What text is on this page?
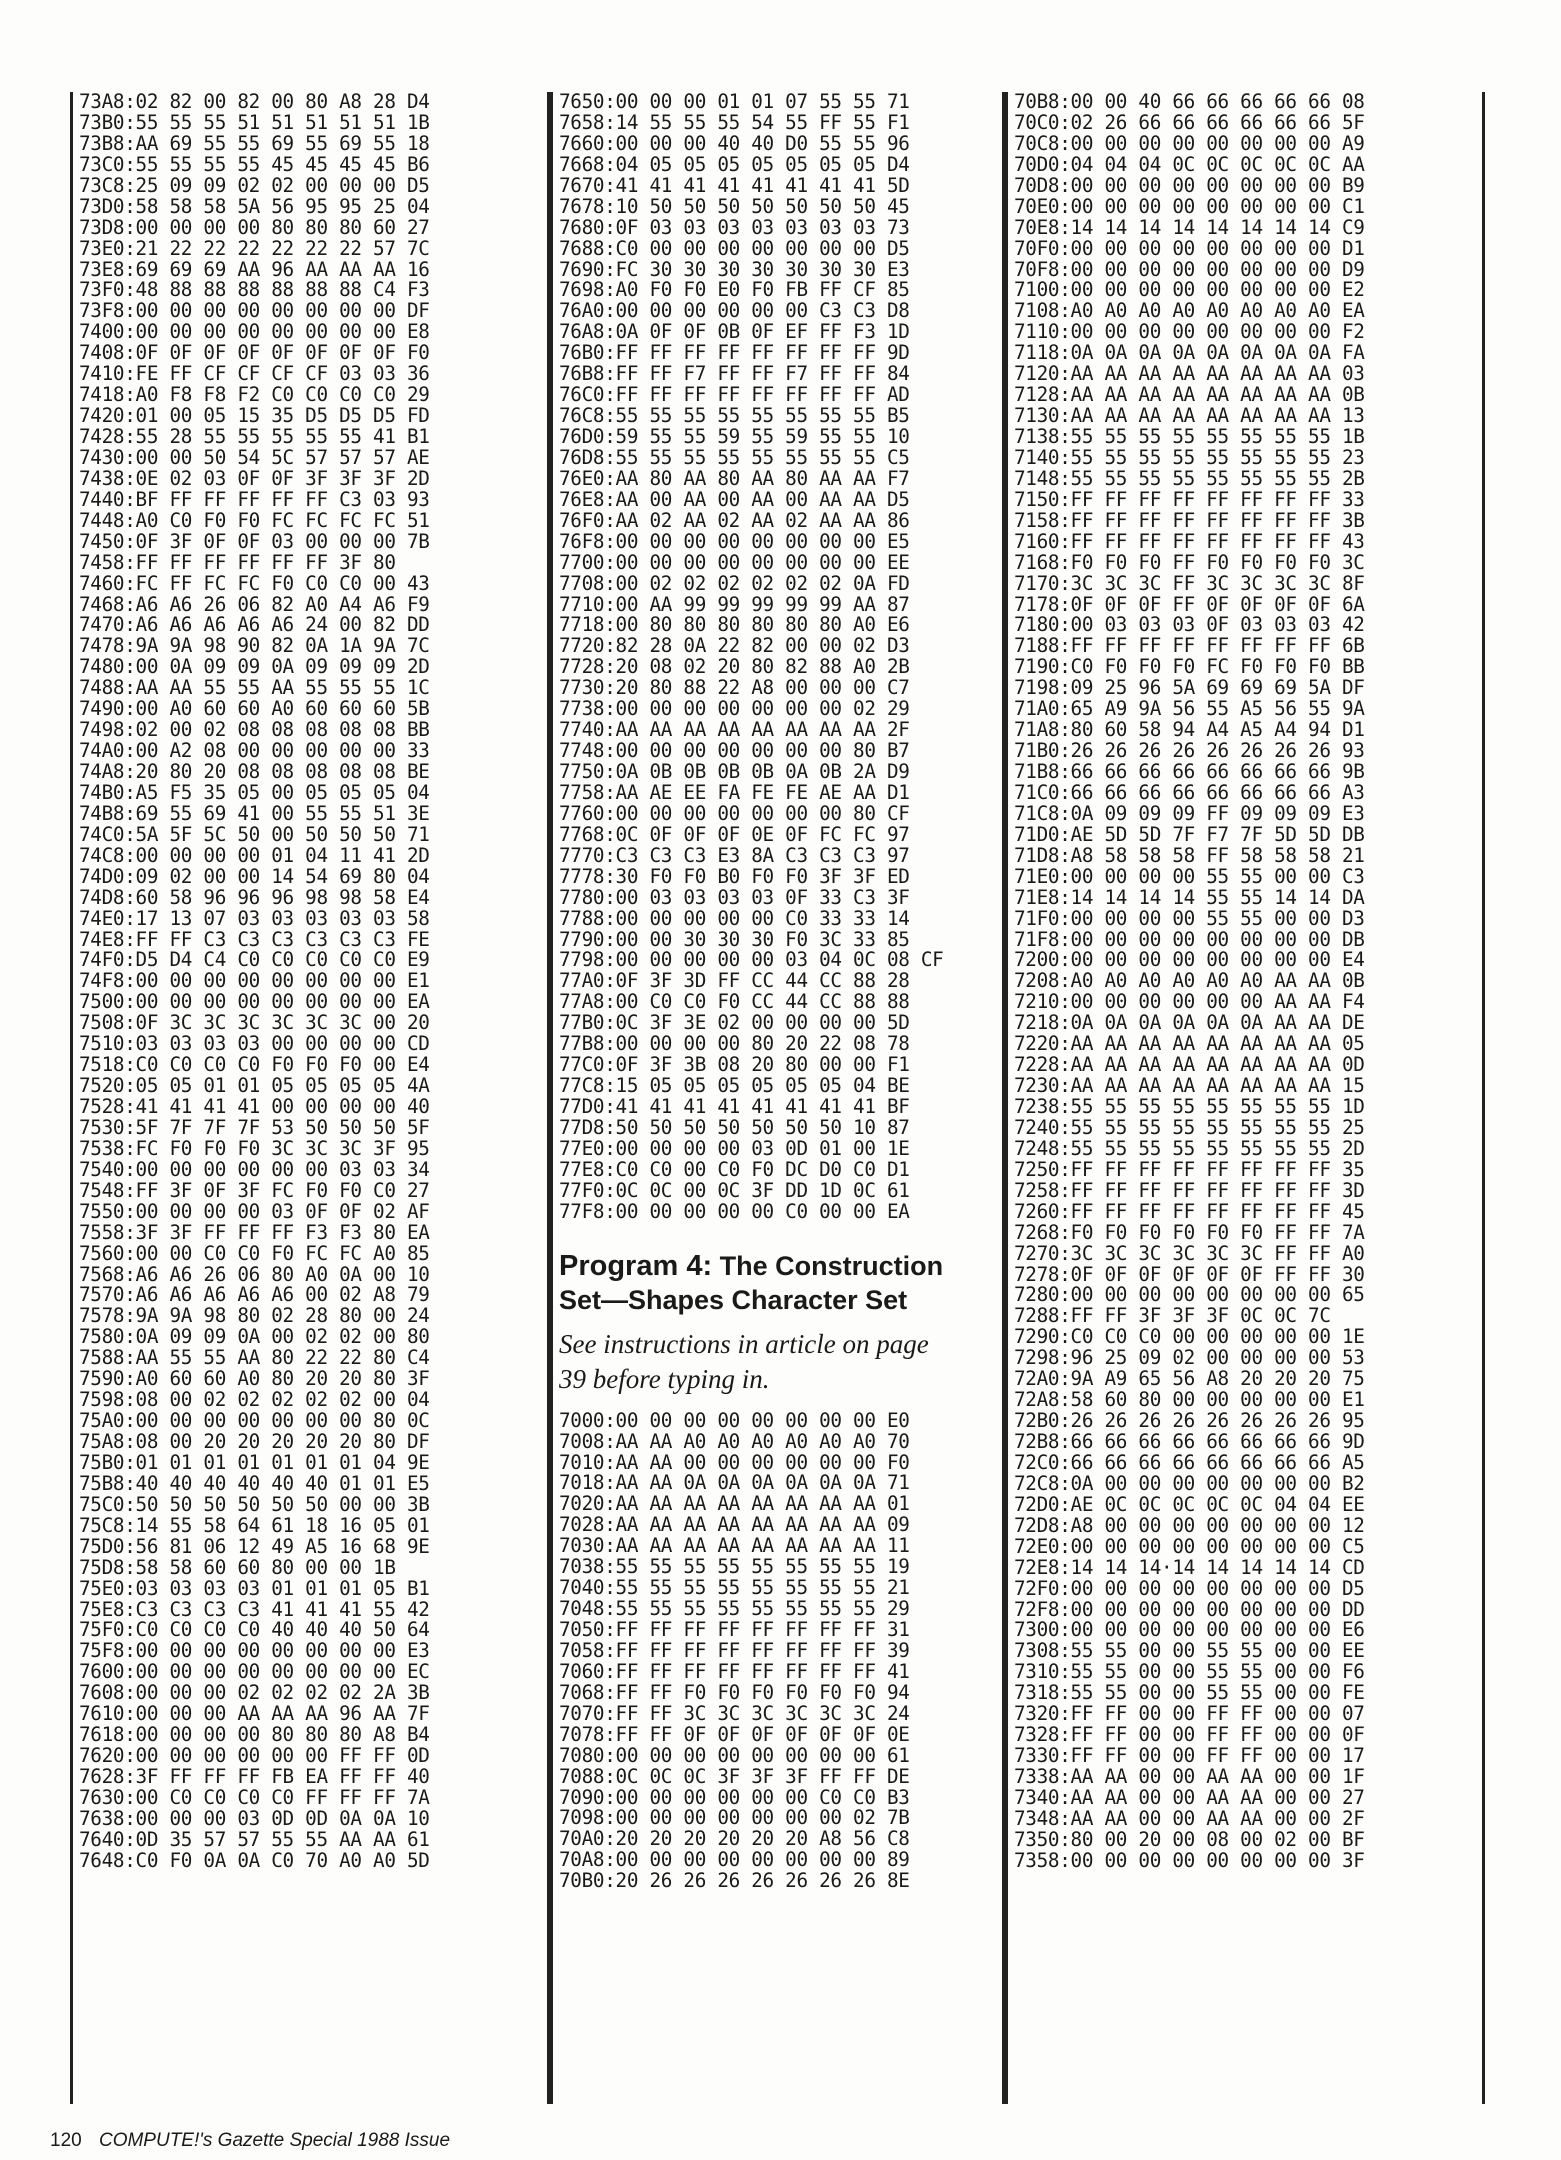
73A8:02 82 00 82 00 80 A8 28 D4
73B0:55 55 55 51 51 51 51 51 1B
73B8:AA 69 55 55 69 55 69 55 18
73C0:55 55 55 55 45 45 45 45 B6
73C8:25 09 09 02 02 00 00 00 D5
73D0:58 58 58 5A 56 95 95 25 04
73D8:00 00 00 00 80 80 80 60 27
73E0:21 22 22 22 22 22 22 57 7C
73E8:69 69 69 AA 96 AA AA AA 16
73F0:48 88 88 88 88 88 88 C4 F3
73F8:00 00 00 00 00 00 00 00 DF
7400:00 00 00 00 00 00 00 00 E8
7408:0F 0F 0F 0F 0F 0F 0F 0F F0
7410:FE FF CF CF CF CF 03 03 36
7418:A0 F8 F8 F2 C0 C0 C0 C0 29
7420:01 00 05 15 35 D5 D5 D5 FD
7428:55 28 55 55 55 55 55 41 B1
7430:00 00 50 54 5C 57 57 57 AE
7438:0E 02 03 0F 0F 3F 3F 3F 2D
7440:BF FF FF FF FF FF C3 03 93
7448:A0 C0 F0 F0 FC FC FC FC 51
7450:0F 3F 0F 0F 03 00 00 00 7B
7458:FF FF FF FF FF FF 3F 80
7460:FC FF FC FC F0 C0 C0 00 43
7468:A6 A6 26 06 82 A0 A4 A6 F9
7470:A6 A6 A6 A6 A6 24 00 82 DD
7478:9A 9A 98 90 82 0A 1A 9A 7C
7480:00 0A 09 09 0A 09 09 09 2D
7488:AA AA 55 55 AA 55 55 55 1C
7490:00 A0 60 60 A0 60 60 60 5B
7498:02 00 02 08 08 08 08 08 BB
74A0:00 A2 08 00 00 00 00 00 33
74A8:20 80 20 08 08 08 08 08 BE
74B0:A5 F5 35 05 00 05 05 05 04
74B8:69 55 69 41 00 55 55 51 3E
74C0:5A 5F 5C 50 00 50 50 50 71
74C8:00 00 00 00 01 04 11 41 2D
74D0:09 02 00 00 14 54 69 80 04
74D8:60 58 96 96 96 98 98 58 E4
74E0:17 13 07 03 03 03 03 03 58
74E8:FF FF C3 C3 C3 C3 C3 C3 FE
74F0:D5 D4 C4 C0 C0 C0 C0 C0 E9
74F8:00 00 00 00 00 00 00 00 E1
7500:00 00 00 00 00 00 00 00 EA
7508:0F 3C 3C 3C 3C 3C 3C 00 20
7510:03 03 03 03 00 00 00 00 CD
7518:C0 C0 C0 C0 F0 F0 F0 00 E4
7520:05 05 01 01 05 05 05 05 4A
7528:41 41 41 41 00 00 00 00 40
7530:5F 7F 7F 7F 53 50 50 50 5F
7538:FC F0 F0 F0 3C 3C 3C 3F 95
7540:00 00 00 00 00 00 03 03 34
7548:FF 3F 0F 3F FC F0 F0 C0 27
7550:00 00 00 00 03 0F 0F 02 AF
7558:3F 3F FF FF FF F3 F3 80 EA
7560:00 00 C0 C0 F0 FC FC A0 85
7568:A6 A6 26 06 80 A0 0A 00 10
7570:A6 A6 A6 A6 A6 00 02 A8 79
7578:9A 9A 98 80 02 28 80 00 24
7580:0A 09 09 0A 00 02 02 00 80
7588:AA 55 55 AA 80 22 22 80 C4
7590:A0 60 60 A0 80 20 20 80 3F
7598:08 00 02 02 02 02 02 00 04
75A0:00 00 00 00 00 00 00 80 0C
75A8:08 00 20 20 20 20 20 80 DF
75B0:01 01 01 01 01 01 01 04 9E
75B8:40 40 40 40 40 40 01 01 E5
75C0:50 50 50 50 50 50 00 00 3B
75C8:14 55 58 64 61 18 16 05 01
75D0:56 81 06 12 49 A5 16 68 9E
75D8:58 58 60 60 80 00 00 1B
75E0:03 03 03 03 01 01 01 05 B1
75E8:C3 C3 C3 C3 41 41 41 55 42
75F0:C0 C0 C0 C0 40 40 40 50 64
75F8:00 00 00 00 00 00 00 00 E3
7600:00 00 00 00 00 00 00 00 EC
7608:00 00 00 02 02 02 02 2A 3B
7610:00 00 00 AA AA AA 96 AA 7F
7618:00 00 00 00 80 80 80 A8 B4
7620:00 00 00 00 00 00 FF FF 0D
7628:3F FF FF FF FB EA FF FF 40
7630:00 C0 C0 C0 C0 FF FF FF 7A
7638:00 00 00 03 0D 0D 0A 0A 10
7640:0D 35 57 57 55 55 AA AA 61
7648:C0 F0 0A 0A C0 70 A0 A0 5D
7650:00 00 00 01 01 07 55 55 71
7658:14 55 55 55 54 55 FF 55 F1
7660:00 00 00 40 40 D0 55 55 96
7668:04 05 05 05 05 05 05 05 D4
7670:41 41 41 41 41 41 41 41 5D
7678:10 50 50 50 50 50 50 50 45
7680:0F 03 03 03 03 03 03 03 73
7688:C0 00 00 00 00 00 00 00 D5
7690:FC 30 30 30 30 30 30 30 E3
7698:A0 F0 F0 E0 F0 FB FF CF 85
76A0:00 00 00 00 00 00 C3 C3 D8
76A8:0A 0F 0F 0B 0F EF FF F3 1D
76B0:FF FF FF FF FF FF FF FF 9D
76B8:FF FF F7 FF FF F7 FF FF 84
76C0:FF FF FF FF FF FF FF FF AD
76C8:55 55 55 55 55 55 55 55 B5
76D0:59 55 55 59 55 59 55 55 10
76D8:55 55 55 55 55 55 55 55 C5
76E0:AA 80 AA 80 AA 80 AA AA F7
76E8:AA 00 AA 00 AA 00 AA AA D5
76F0:AA 02 AA 02 AA 02 AA AA 86
76F8:00 00 00 00 00 00 00 00 E5
7700:00 00 00 00 00 00 00 00 EE
7708:00 02 02 02 02 02 02 0A FD
7710:00 AA 99 99 99 99 99 AA 87
7718:00 80 80 80 80 80 80 A0 E6
7720:82 28 0A 22 82 00 00 02 D3
7728:20 08 02 20 80 82 88 A0 2B
7730:20 80 88 22 A8 00 00 00 C7
7738:00 00 00 00 00 00 00 02 29
7740:AA AA AA AA AA AA AA AA 2F
7748:00 00 00 00 00 00 00 80 B7
7750:0A 0B 0B 0B 0B 0A 0B 2A D9
7758:AA AE EE FA FE FE AE AA D1
7760:00 00 00 00 00 00 00 80 CF
7768:0C 0F 0F 0F 0E 0F FC FC 97
7770:C3 C3 C3 E3 8A C3 C3 C3 97
7778:30 F0 F0 B0 F0 F0 3F 3F ED
7780:00 03 03 03 03 0F 33 C3 3F
7788:00 00 00 00 00 C0 33 33 14
7790:00 00 30 30 30 F0 3C 33 85
7798:00 00 00 00 00 03 04 0C 08 CF
77A0:0F 3F 3D FF CC 44 CC 88 28
77A8:00 C0 C0 F0 CC 44 CC 88 88
77B0:0C 3F 3E 02 00 00 00 00 5D
77B8:00 00 00 00 80 20 22 08 78
77C0:0F 3F 3B 08 20 80 00 00 F1
77C8:15 05 05 05 05 05 05 04 BE
77D0:41 41 41 41 41 41 41 41 BF
77D8:50 50 50 50 50 50 50 10 87
77E0:00 00 00 00 03 0D 01 00 1E
77E8:C0 C0 00 C0 F0 DC D0 C0 D1
77F0:0C 0C 00 0C 3F DD 1D 0C 61
77F8:00 00 00 00 00 C0 00 00 EA
Program 4: The Construction
Set—Shapes Character Set
See instructions in article on page
39 before typing in.
7000:00 00 00 00 00 00 00 00 E0
7008:AA AA A0 A0 A0 A0 A0 A0 70
7010:AA AA 00 00 00 00 00 00 F0
7018:AA AA 0A 0A 0A 0A 0A 0A 71
7020:AA AA AA AA AA AA AA AA 01
7028:AA AA AA AA AA AA AA AA 09
7030:AA AA AA AA AA AA AA AA 11
7038:55 55 55 55 55 55 55 55 19
7040:55 55 55 55 55 55 55 55 21
7048:55 55 55 55 55 55 55 55 29
7050:FF FF FF FF FF FF FF FF 31
7058:FF FF FF FF FF FF FF FF 39
7060:FF FF FF FF FF FF FF FF 41
7068:FF FF F0 F0 F0 F0 F0 F0 94
7070:FF FF 3C 3C 3C 3C 3C 3C 24
7078:FF FF 0F 0F 0F 0F 0F 0F 0E
7080:00 00 00 00 00 00 00 00 61
7088:0C 0C 0C 3F 3F 3F FF FF DE
7090:00 00 00 00 00 00 C0 C0 B3
7098:00 00 00 00 00 00 00 02 7B
70A0:20 20 20 20 20 20 A8 56 C8
70A8:00 00 00 00 00 00 00 00 89
70B0:20 26 26 26 26 26 26 26 8E
70B8:00 00 40 66 66 66 66 66 08
70C0:02 26 66 66 66 66 66 66 5F
70C8:00 00 00 00 00 00 00 00 A9
70D0:04 04 04 0C 0C 0C 0C 0C AA
70D8:00 00 00 00 00 00 00 00 B9
70E0:00 00 00 00 00 00 00 00 C1
70E8:14 14 14 14 14 14 14 14 C9
70F0:00 00 00 00 00 00 00 00 D1
70F8:00 00 00 00 00 00 00 00 D9
7100:00 00 00 00 00 00 00 00 E2
7108:A0 A0 A0 A0 A0 A0 A0 A0 EA
7110:00 00 00 00 00 00 00 00 F2
7118:0A 0A 0A 0A 0A 0A 0A 0A FA
7120:AA AA AA AA AA AA AA AA 03
7128:AA AA AA AA AA AA AA AA 0B
7130:AA AA AA AA AA AA AA AA 13
7138:55 55 55 55 55 55 55 55 1B
7140:55 55 55 55 55 55 55 55 23
7148:55 55 55 55 55 55 55 55 2B
7150:FF FF FF FF FF FF FF FF 33
7158:FF FF FF FF FF FF FF FF 3B
7160:FF FF FF FF FF FF FF FF 43
7168:F0 F0 F0 FF F0 F0 F0 F0 3C
7170:3C 3C 3C FF 3C 3C 3C 3C 8F
7178:0F 0F 0F FF 0F 0F 0F 0F 6A
7180:00 03 03 03 0F 03 03 03 42
7188:FF FF FF FF FF FF FF FF 6B
7190:C0 F0 F0 F0 FC F0 F0 F0 BB
7198:09 25 96 5A 69 69 69 5A DF
71A0:65 A9 9A 56 55 A5 56 55 9A
71A8:80 60 58 94 A4 A5 A4 94 D1
71B0:26 26 26 26 26 26 26 26 93
71B8:66 66 66 66 66 66 66 66 9B
71C0:66 66 66 66 66 66 66 66 A3
71C8:0A 09 09 09 FF 09 09 09 E3
71D0:AE 5D 5D 7F F7 7F 5D 5D DB
71D8:A8 58 58 58 FF 58 58 58 21
71E0:00 00 00 00 55 55 00 00 C3
71E8:14 14 14 14 55 55 14 14 DA
71F0:00 00 00 00 55 55 00 00 D3
71F8:00 00 00 00 00 00 00 00 DB
7200:00 00 00 00 00 00 00 00 E4
7208:A0 A0 A0 A0 A0 A0 AA AA 0B
7210:00 00 00 00 00 00 AA AA F4
7218:0A 0A 0A 0A 0A 0A AA AA DE
7220:AA AA AA AA AA AA AA AA 05
7228:AA AA AA AA AA AA AA AA 0D
7230:AA AA AA AA AA AA AA AA 15
7238:55 55 55 55 55 55 55 55 1D
7240:55 55 55 55 55 55 55 55 25
7248:55 55 55 55 55 55 55 55 2D
7250:FF FF FF FF FF FF FF FF 35
7258:FF FF FF FF FF FF FF FF 3D
7260:FF FF FF FF FF FF FF FF 45
7268:F0 F0 F0 F0 F0 F0 FF FF 7A
7270:3C 3C 3C 3C 3C 3C FF FF A0
7278:0F 0F 0F 0F 0F 0F FF FF 30
7280:00 00 00 00 00 00 00 00 65
7288:FF FF 3F 3F 3F 0C 0C 7C
7290:C0 C0 C0 00 00 00 00 00 1E
7298:96 25 09 02 00 00 00 00 53
72A0:9A A9 65 56 A8 20 20 20 75
72A8:58 60 80 00 00 00 00 00 E1
72B0:26 26 26 26 26 26 26 26 95
72B8:66 66 66 66 66 66 66 66 9D
72C0:66 66 66 66 66 66 66 66 A5
72C8:0A 00 00 00 00 00 00 00 B2
72D0:AE 0C 0C 0C 0C 0C 04 04 EE
72D8:A8 00 00 00 00 00 00 00 12
72E0:00 00 00 00 00 00 00 00 C5
72E8:14 14 14·14 14 14 14 14 CD
72F0:00 00 00 00 00 00 00 00 D5
72F8:00 00 00 00 00 00 00 00 DD
7300:00 00 00 00 00 00 00 00 E6
7308:55 55 00 00 55 55 00 00 EE
7310:55 55 00 00 55 55 00 00 F6
7318:55 55 00 00 55 55 00 00 FE
7320:FF FF 00 00 FF FF 00 00 07
7328:FF FF 00 00 FF FF 00 00 0F
7330:FF FF 00 00 FF FF 00 00 17
7338:AA AA 00 00 AA AA 00 00 1F
7340:AA AA 00 00 AA AA 00 00 27
7348:AA AA 00 00 AA AA 00 00 2F
7350:80 00 20 00 08 00 02 00 BF
7358:00 00 00 00 00 00 00 00 3F
120 COMPUTE!'s Gazette Special 1988 Issue
